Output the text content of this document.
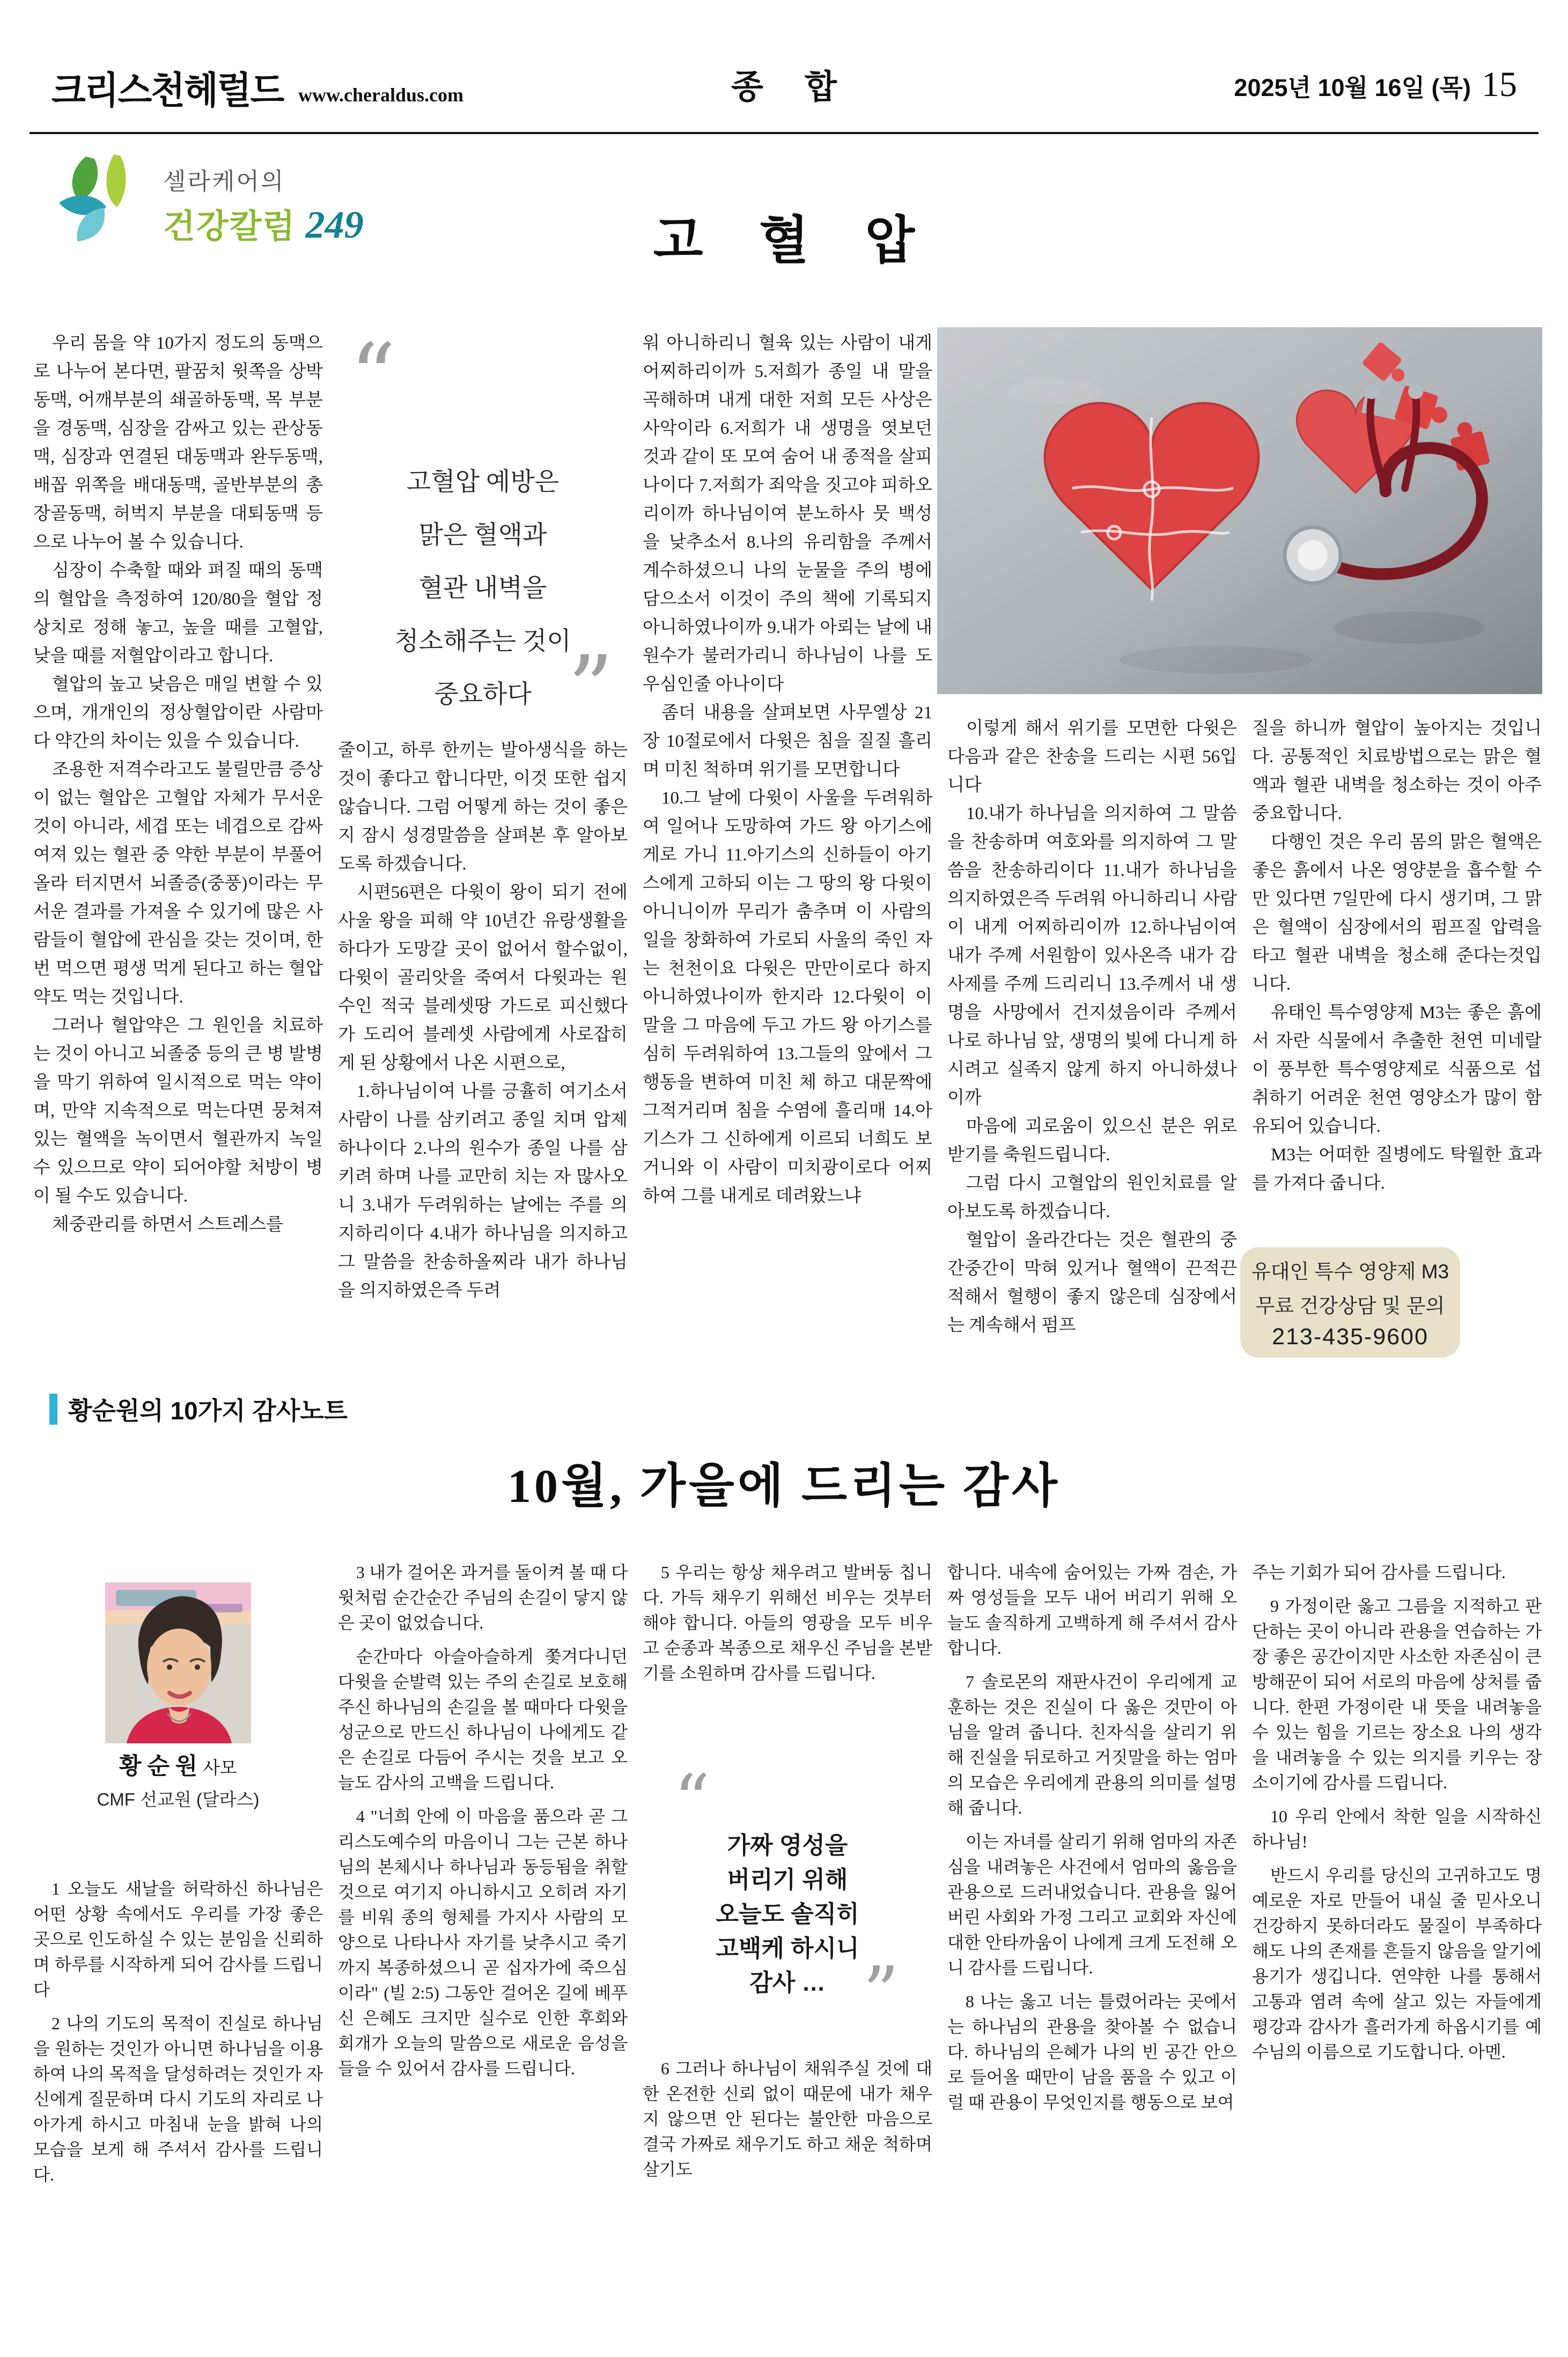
크리스천헤럴드 www.cheraldus.com	종 합	2025년 10월 16일 (목) 15
셀라케어의
건강칼럼 249	고 혈 압

우리 몸을 약 10가지 정도의 동맥으로 나누어 본다면, 팔꿈치 윗쪽을 상박동맥, 어깨부분의 쇄골하동맥, 목 부분을 경동맥, 심장을 감싸고 있는 관상동맥, 심장과 연결된 대동맥과 완두동맥, 배꼽 위쪽을 배대동맥, 골반부분의 총장골동맥, 허벅지 부분을 대퇴동맥 등으로 나누어 볼 수 있습니다.

심장이 수축할 때와 펴질 때의 동맥의 혈압을 측정하여 120/80을 혈압 정상치로 정해 놓고, 높을 때를 고혈압, 낮을 때를 저혈압이라고 합니다.

혈압의 높고 낮음은 매일 변할 수 있으며, 개개인의 정상혈압이란 사람마다 약간의 차이는 있을 수 있습니다.

조용한 저격수라고도 불릴만큼 증상이 없는 혈압은 고혈압 자체가 무서운 것이 아니라, 세겹 또는 네겹으로 감싸여져 있는 혈관 중 약한 부분이 부풀어 올라 터지면서 뇌졸증(중풍)이라는 무서운 결과를 가져올 수 있기에 많은 사람들이 혈압에 관심을 갖는 것이며, 한 번 먹으면 평생 먹게 된다고 하는 혈압약도 먹는 것입니다.

그러나 혈압약은 그 원인을 치료하는 것이 아니고 뇌졸중 등의 큰 병 발병을 막기 위하여 일시적으로 먹는 약이며, 만약 지속적으로 먹는다면 뭉쳐져 있는 혈액을 녹이면서 혈관까지 녹일 수 있으므로 약이 되어야할 처방이 병이 될 수도 있습니다.

체중관리를 하면서 스트레스를

“
고혈압 예방은
맑은 혈액과
혈관 내벽을
청소해주는 것이
중요하다 ”

줄이고, 하루 한끼는 발아생식을 하는 것이 좋다고 합니다만, 이것 또한 쉽지 않습니다. 그럼 어떻게 하는 것이 좋은지 잠시 성경말씀을 살펴본 후 알아보도록 하겠습니다.

시편56편은 다윗이 왕이 되기 전에 사울 왕을 피해 약 10년간 유랑생활을 하다가 도망갈 곳이 없어서 할수없이, 다윗이 골리앗을 죽여서 다윗과는 원수인 적국 블레셋땅 가드로 피신했다가 도리어 블레셋 사람에게 사로잡히게 된 상황에서 나온 시편으로,

1.하나님이여 나를 긍휼히 여기소서 사람이 나를 삼키려고 종일 치며 압제하나이다 2.나의 원수가 종일 나를 삼키려 하며 나를 교만히 치는 자 많사오니 3.내가 두려워하는 날에는 주를 의지하리이다 4.내가 하나님을 의지하고 그 말씀을 찬송하올찌라 내가 하나님을 의지하였은즉 두려

워 아니하리니 혈육 있는 사람이 내게 어찌하리이까 5.저희가 종일 내 말을 곡해하며 내게 대한 저희 모든 사상은 사악이라 6.저희가 내 생명을 엿보던 것과 같이 또 모여 숨어 내 종적을 살피나이다 7.저희가 죄악을 짓고야 피하오리이까 하나님이여 분노하사 뭇 백성을 낮추소서 8.나의 유리함을 주께서 계수하셨으니 나의 눈물을 주의 병에 담으소서 이것이 주의 책에 기록되지 아니하였나이까 9.내가 아뢰는 날에 내 원수가 불러가리니 하나님이 나를 도우심인줄 아나이다

좀더 내용을 살펴보면 사무엘상 21장 10절로에서 다윗은 침을 질질 흘리며 미친 척하며 위기를 모면합니다

10.그 날에 다윗이 사울을 두려워하여 일어나 도망하여 가드 왕 아기스에게로 가니 11.아기스의 신하들이 아기스에게 고하되 이는 그 땅의 왕 다윗이 아니니이까 무리가 춤추며 이 사람의 일을 창화하여 가로되 사울의 죽인 자는 천천이요 다윗은 만만이로다 하지 아니하였나이까 한지라 12.다윗이 이 말을 그 마음에 두고 가드 왕 아기스를 심히 두려워하여 13.그들의 앞에서 그 행동을 변하여 미친 체 하고 대문짝에 그적거리며 침을 수염에 흘리매 14.아기스가 그 신하에게 이르되 너희도 보거니와 이 사람이 미치광이로다 어찌하여 그를 내게로 데려왔느냐

이렇게 해서 위기를 모면한 다윗은 다음과 같은 찬송을 드리는 시편 56입니다

10.내가 하나님을 의지하여 그 말씀을 찬송하며 여호와를 의지하여 그 말씀을 찬송하리이다 11.내가 하나님을 의지하였은즉 두려워 아니하리니 사람이 내게 어찌하리이까 12.하나님이여 내가 주께 서원함이 있사온즉 내가 감사제를 주께 드리리니 13.주께서 내 생명을 사망에서 건지셨음이라 주께서 나로 하나님 앞, 생명의 빛에 다니게 하시려고 실족지 않게 하지 아니하셨나이까

마음에 괴로움이 있으신 분은 위로받기를 축원드립니다.

그럼 다시 고혈압의 원인치료를 알아보도록 하겠습니다.

혈압이 올라간다는 것은 혈관의 중간중간이 막혀 있거나 혈액이 끈적끈적해서 혈행이 좋지 않은데 심장에서는 계속해서 펌프

질을 하니까 혈압이 높아지는 것입니다. 공통적인 치료방법으로는 맑은 혈액과 혈관 내벽을 청소하는 것이 아주 중요합니다.

다행인 것은 우리 몸의 맑은 혈액은 좋은 흙에서 나온 영양분을 흡수할 수만 있다면 7일만에 다시 생기며, 그 맑은 혈액이 심장에서의 펌프질 압력을 타고 혈관 내벽을 청소해 준다는것입니다.

유태인 특수영양제 M3는 좋은 흙에서 자란 식물에서 추출한 천연 미네랄이 풍부한 특수영양제로 식품으로 섭취하기 어려운 천연 영양소가 많이 함유되어 있습니다.

M3는 어떠한 질병에도 탁월한 효과를 가져다 줍니다.

유대인 특수 영양제 M3
무료 건강상담 및 문의
213-435-9600
황순원의 10가지 감사노트
10월, 가을에 드리는 감사
황 순 원 사모
CMF 선교원 (달라스)

1 오늘도 새날을 허락하신 하나님은 어떤 상황 속에서도 우리를 가장 좋은 곳으로 인도하실 수 있는 분임을 신뢰하며 하루를 시작하게 되어 감사를 드립니다

2 나의 기도의 목적이 진실로 하나님을 원하는 것인가 아니면 하나님을 이용하여 나의 목적을 달성하려는 것인가 자신에게 질문하며 다시 기도의 자리로 나아가게 하시고 마침내 눈을 밝혀 나의 모습을 보게 해 주셔서 감사를 드립니다.

3 내가 걸어온 과거를 돌이켜 볼 때 다윗처럼 순간순간 주님의 손길이 닿지 않은 곳이 없었습니다.

순간마다 아슬아슬하게 쫓겨다니던 다윗을 순발력 있는 주의 손길로 보호해 주신 하나님의 손길을 볼 때마다 다윗을 성군으로 만드신 하나님이 나에게도 같은 손길로 다듬어 주시는 것을 보고 오늘도 감사의 고백을 드립니다.

4 "너희 안에 이 마음을 품으라 곧 그리스도예수의 마음이니 그는 근본 하나님의 본체시나 하나님과 동등됨을 취할 것으로 여기지 아니하시고 오히려 자기를 비워 종의 형체를 가지사 사람의 모양으로 나타나사 자기를 낮추시고 죽기까지 복종하셨으니 곧 십자가에 죽으심이라" (빌 2:5) 그동안 걸어온 길에 베푸신 은혜도 크지만 실수로 인한 후회와 회개가 오늘의 말씀으로 새로운 음성을 들을 수 있어서 감사를 드립니다.

5 우리는 항상 채우려고 발버둥 칩니다. 가득 채우기 위해선 비우는 것부터 해야 합니다. 아들의 영광을 모두 비우고 순종과 복종으로 채우신 주님을 본받기를 소원하며 감사를 드립니다.

“
가짜 영성을
버리기 위해
오늘도 솔직히
고백케 하시니
감사 … ”

6 그러나 하나님이 채워주실 것에 대한 온전한 신뢰 없이 때문에 내가 채우지 않으면 안 된다는 불안한 마음으로 결국 가짜로 채우기도 하고 채운 척하며 살기도

합니다. 내속에 숨어있는 가짜 겸손, 가짜 영성들을 모두 내어 버리기 위해 오늘도 솔직하게 고백하게 해 주셔서 감사합니다.

7 솔로몬의 재판사건이 우리에게 교훈하는 것은 진실이 다 옳은 것만이 아님을 알려 줍니다. 친자식을 살리기 위해 진실을 뒤로하고 거짓말을 하는 엄마의 모습은 우리에게 관용의 의미를 설명해 줍니다.

이는 자녀를 살리기 위해 엄마의 자존심을 내려놓은 사건에서 엄마의 옳음을 관용으로 드러내었습니다. 관용을 잃어버린 사회와 가정 그리고 교회와 자신에 대한 안타까움이 나에게 크게 도전해 오니 감사를 드립니다.

8 나는 옳고 너는 틀렸어라는 곳에서는 하나님의 관용을 찾아볼 수 없습니다. 하나님의 은혜가 나의 빈 공간 안으로 들어올 때만이 남을 품을 수 있고 이럴 때 관용이 무엇인지를 행동으로 보여

주는 기회가 되어 감사를 드립니다.

9 가정이란 옳고 그름을 지적하고 판단하는 곳이 아니라 관용을 연습하는 가장 좋은 공간이지만 사소한 자존심이 큰 방해꾼이 되어 서로의 마음에 상처를 줍니다. 한편 가정이란 내 뜻을 내려놓을 수 있는 힘을 기르는 장소요 나의 생각을 내려놓을 수 있는 의지를 키우는 장소이기에 감사를 드립니다.

10 우리 안에서 착한 일을 시작하신 하나님!

반드시 우리를 당신의 고귀하고도 명예로운 자로 만들어 내실 줄 믿사오니 건강하지 못하더라도 물질이 부족하다 해도 나의 존재를 흔들지 않음을 알기에 용기가 생깁니다. 연약한 나를 통해서 고통과 염려 속에 살고 있는 자들에게 평강과 감사가 흘러가게 하옵시기를 예수님의 이름으로 기도합니다. 아멘.
